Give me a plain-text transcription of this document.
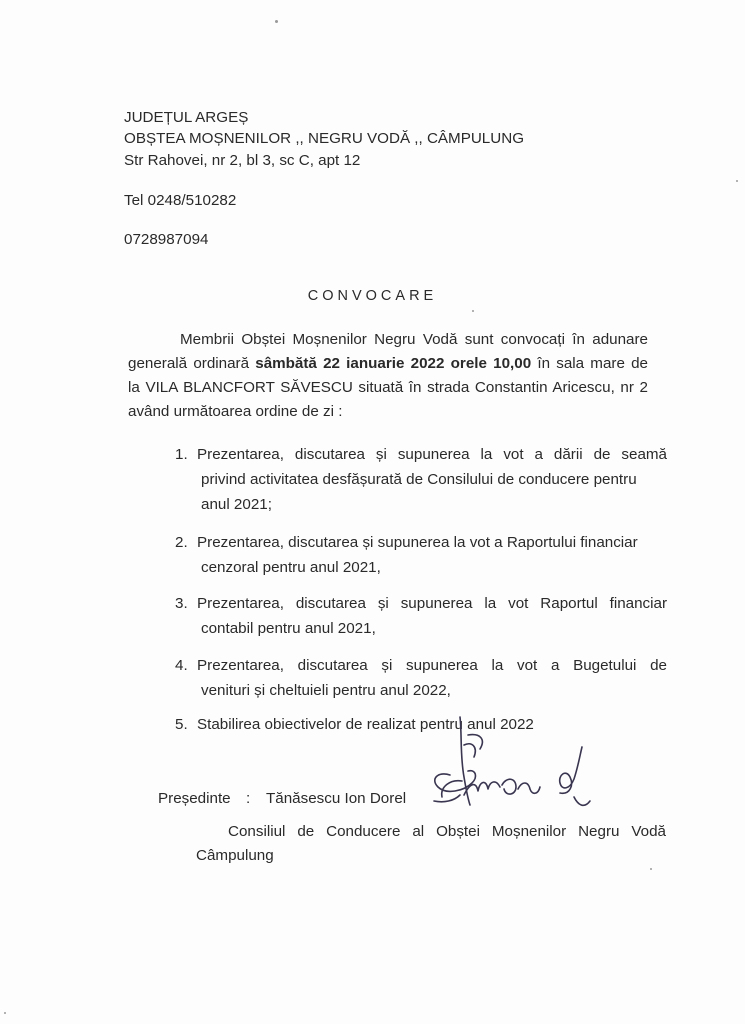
JUDEȚUL ARGEȘ
OBȘTEA MOȘNENILOR ,, NEGRU VODĂ ,, CÂMPULUNG
Str Rahovei, nr 2, bl 3, sc C, apt 12
Tel 0248/510282
0728987094
CONVOCARE
Membrii Obștei Moșnenilor Negru Vodă sunt convocați în adunare
generală ordinară sâmbătă 22 ianuarie 2022 orele 10,00 în sala mare de
la VILA BLANCFORT SĂVESCU situată în strada Constantin Aricescu, nr 2
având următoarea ordine de zi :
1. Prezentarea, discutarea și supunerea la vot a dării de seamă
privind activitatea desfășurată de Consilului de conducere pentru
anul 2021;
2. Prezentarea, discutarea și supunerea la vot a Raportului financiar
cenzoral pentru anul 2021,
3. Prezentarea, discutarea și supunerea la vot Raportul financiar
contabil pentru anul 2021,
4. Prezentarea, discutarea și supunerea la vot a Bugetului de
venituri și cheltuieli pentru anul 2022,
5. Stabilirea obiectivelor de realizat pentru anul 2022
Președinte : Tănăsescu Ion Dorel
Consiliul de Conducere al Obștei Moșnenilor Negru Vodă
Câmpulung
